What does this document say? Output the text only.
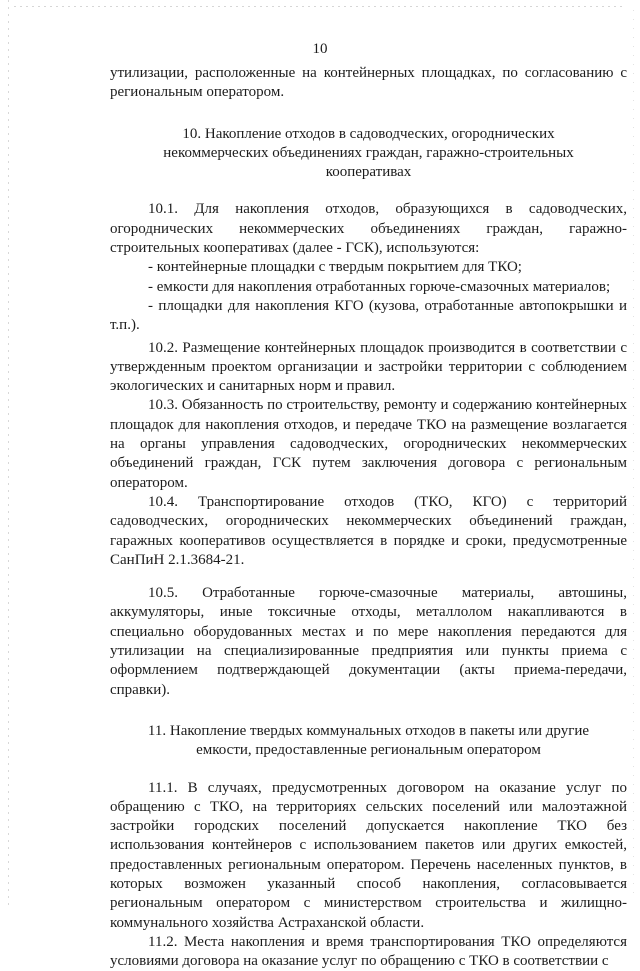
10

утилизации, расположенные на контейнерных площадках, по согласованию с региональным оператором.

10. Накопление отходов в садоводческих, огороднических некоммерческих объединениях граждан, гаражно-строительных кооперативах

10.1. Для накопления отходов, образующихся в садоводческих, огороднических некоммерческих объединениях граждан, гаражно-строительных кооперативах (далее - ГСК), используются:

- контейнерные площадки с твердым покрытием для ТКО;

- емкости для накопления отработанных горюче-смазочных материалов;

- площадки для накопления КГО (кузова, отработанные автопокрышки и т.п.).

10.2. Размещение контейнерных площадок производится в соответствии с утвержденным проектом организации и застройки территории с соблюдением экологических и санитарных норм и правил.

10.3. Обязанность по строительству, ремонту и содержанию контейнерных площадок для накопления отходов, и передаче ТКО на размещение возлагается на органы управления садоводческих, огороднических некоммерческих объединений граждан, ГСК путем заключения договора с региональным оператором.

10.4. Транспортирование отходов (ТКО, КГО) с территорий садоводческих, огороднических некоммерческих объединений граждан, гаражных кооперативов осуществляется в порядке и сроки, предусмотренные СанПиН 2.1.3684-21.

10.5. Отработанные горюче-смазочные материалы, автошины, аккумуляторы, иные токсичные отходы, металлолом накапливаются в специально оборудованных местах и по мере накопления передаются для утилизации на специализированные предприятия или пункты приема с оформлением подтверждающей документации (акты приема-передачи, справки).

11. Накопление твердых коммунальных отходов в пакеты или другие емкости, предоставленные региональным оператором

11.1. В случаях, предусмотренных договором на оказание услуг по обращению с ТКО, на территориях сельских поселений или малоэтажной застройки городских поселений допускается накопление ТКО без использования контейнеров с использованием пакетов или других емкостей, предоставленных региональным оператором. Перечень населенных пунктов, в которых возможен указанный способ накопления, согласовывается региональным оператором с министерством строительства и жилищно-коммунального хозяйства Астраханской области.

11.2. Места накопления и время транспортирования ТКО определяются условиями договора на оказание услуг по обращению с ТКО в соответствии с
